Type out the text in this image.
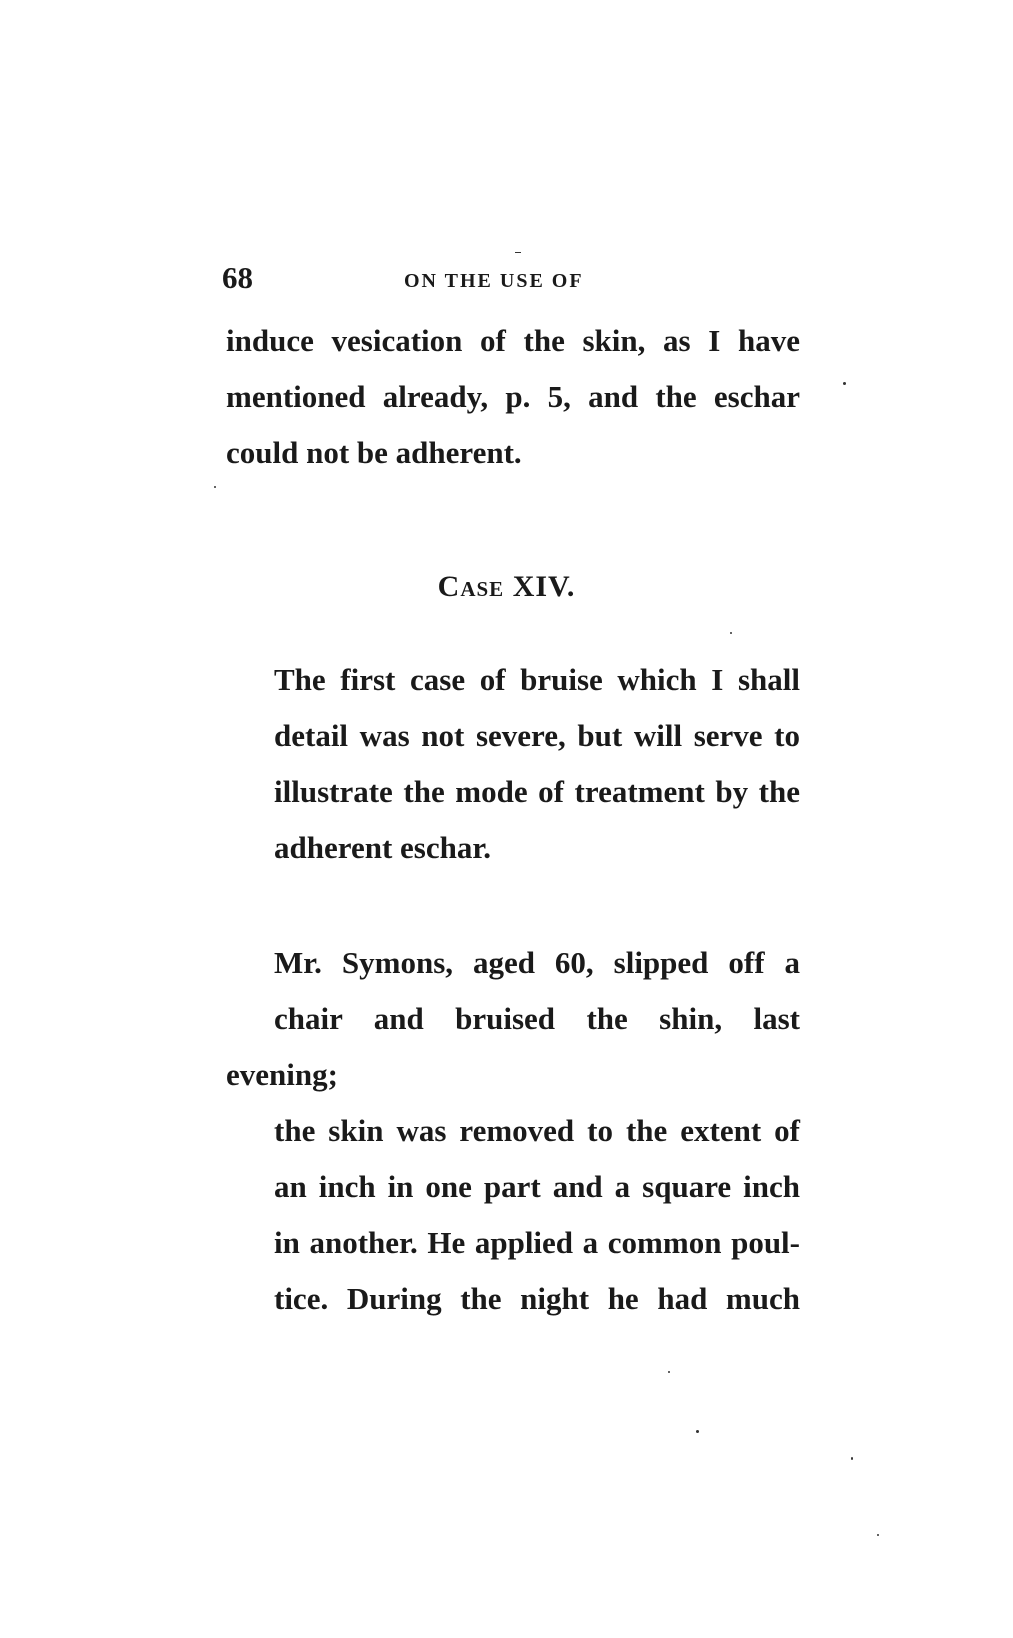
68	ON THE USE OF

induce vesication of the skin, as I have
mentioned already, p. 5, and the eschar
could not be adherent.

Case XIV.

The first case of bruise which I shall
detail was not severe, but will serve to
illustrate the mode of treatment by the
adherent eschar.

Mr. Symons, aged 60, slipped off a
chair and bruised the shin, last evening;
the skin was removed to the extent of
an inch in one part and a square inch
in another. He applied a common poul-
tice. During the night he had much
